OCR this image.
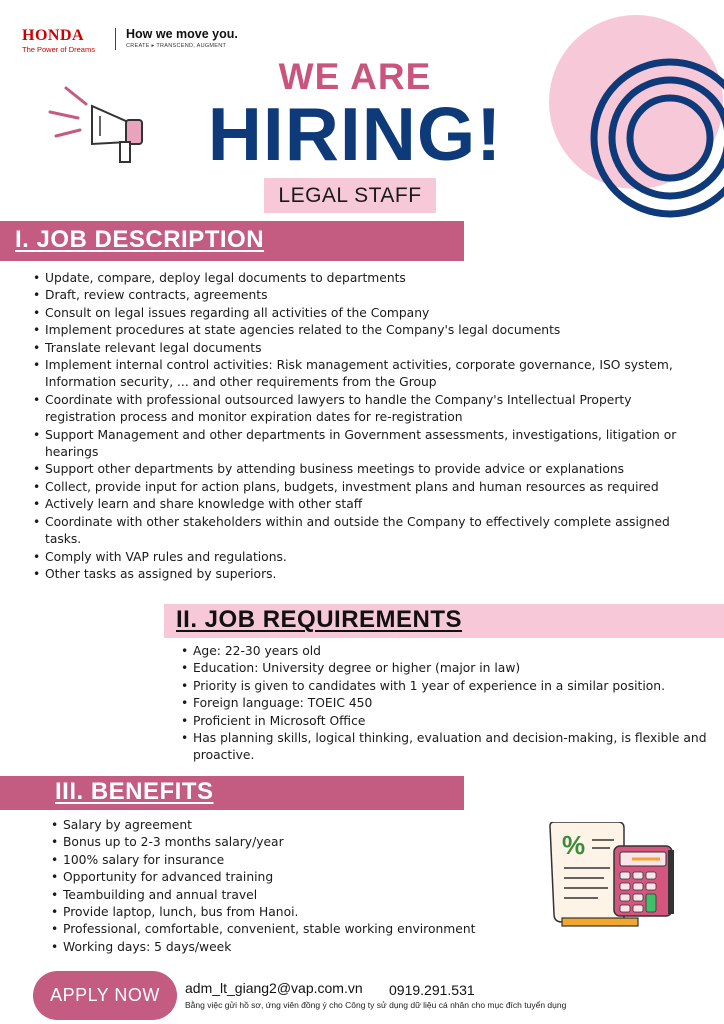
HONDA
The Power of Dreams
How we move you.
CREATE ▸ TRANSCEND, AUGMENT
WE ARE
HIRING!
LEGAL STAFF
I. JOB DESCRIPTION
• Update, compare, deploy legal documents to departments
• Draft, review contracts, agreements
• Consult on legal issues regarding all activities of the Company
• Implement procedures at state agencies related to the Company's legal documents
• Translate relevant legal documents
• Implement internal control activities: Risk management activities, corporate governance, ISO system, Information security, ... and other requirements from the Group
• Coordinate with professional outsourced lawyers to handle the Company's Intellectual Property registration process and monitor expiration dates for re-registration
• Support Management and other departments in Government assessments, investigations, litigation or hearings
• Support other departments by attending business meetings to provide advice or explanations
• Collect, provide input for action plans, budgets, investment plans and human resources as required
• Actively learn and share knowledge with other staff
• Coordinate with other stakeholders within and outside the Company to effectively complete assigned tasks.
• Comply with VAP rules and regulations.
• Other tasks as assigned by superiors.
II. JOB REQUIREMENTS
• Age: 22-30 years old
• Education: University degree or higher (major in law)
• Priority is given to candidates with 1 year of experience in a similar position.
• Foreign language: TOEIC 450
• Proficient in Microsoft Office
• Has planning skills, logical thinking, evaluation and decision-making, is flexible and proactive.
III. BENEFITS
• Salary by agreement
• Bonus up to 2-3 months salary/year
• 100% salary for insurance
• Opportunity for advanced training
• Teambuilding and annual travel
• Provide laptop, lunch, bus from Hanoi.
• Professional, comfortable, convenient, stable working environment
• Working days: 5 days/week
%
APPLY NOW	adm_lt_giang2@vap.com.vn 0919.291.531
Bằng việc gửi hồ sơ, ứng viên đồng ý cho Công ty sử dụng dữ liệu cá nhân cho mục đích tuyển dụng
